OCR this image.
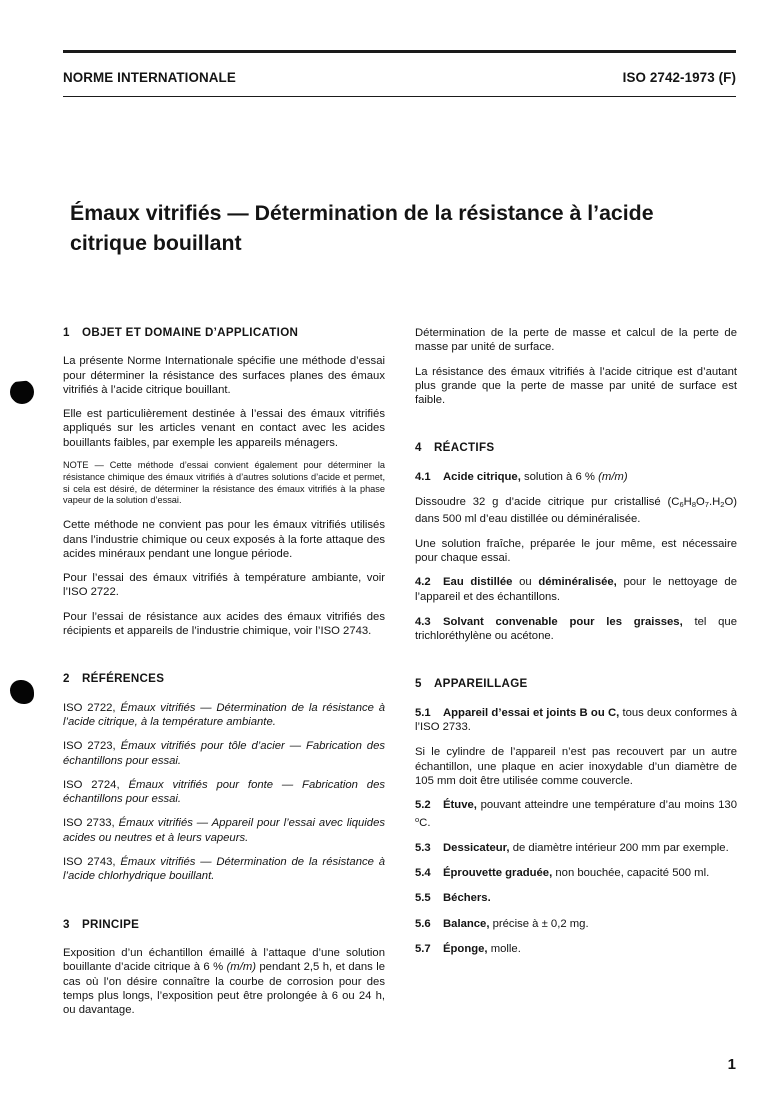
NORME INTERNATIONALE	ISO 2742-1973 (F)
Émaux vitrifiés — Détermination de la résistance à l’acide
citrique bouillant
1 OBJET ET DOMAINE D’APPLICATION

La présente Norme Internationale spécifie une méthode d’essai pour déterminer la résistance des surfaces planes des émaux vitrifiés à l’acide citrique bouillant.

Elle est particulièrement destinée à l’essai des émaux vitrifiés appliqués sur les articles venant en contact avec les acides bouillants faibles, par exemple les appareils ménagers.

NOTE — Cette méthode d’essai convient également pour déterminer la résistance chimique des émaux vitrifiés à d’autres solutions d’acide et permet, si cela est désiré, de déterminer la résistance des émaux vitrifiés à la phase vapeur de la solution d’essai.

Cette méthode ne convient pas pour les émaux vitrifiés utilisés dans l’industrie chimique ou ceux exposés à la forte attaque des acides minéraux pendant une longue période.

Pour l’essai des émaux vitrifiés à température ambiante, voir l’ISO 2722.

Pour l’essai de résistance aux acides des émaux vitrifiés des récipients et appareils de l’industrie chimique, voir l’ISO 2743.

2 RÉFÉRENCES

ISO 2722, Émaux vitrifiés — Détermination de la résistance à l’acide citrique, à la température ambiante.

ISO 2723, Émaux vitrifiés pour tôle d’acier — Fabrication des échantillons pour essai.

ISO 2724, Émaux vitrifiés pour fonte — Fabrication des échantillons pour essai.

ISO 2733, Émaux vitrifiés — Appareil pour l’essai avec liquides acides ou neutres et à leurs vapeurs.

ISO 2743, Émaux vitrifiés — Détermination de la résistance à l’acide chlorhydrique bouillant.

3 PRINCIPE

Exposition d’un échantillon émaillé à l’attaque d’une solution bouillante d’acide citrique à 6 % (m/m) pendant 2,5 h, et dans le cas où l’on désire connaître la courbe de corrosion pour des temps plus longs, l’exposition peut être prolongée à 6 ou 24 h, ou davantage.

Détermination de la perte de masse et calcul de la perte de masse par unité de surface.

La résistance des émaux vitrifiés à l’acide citrique est d’autant plus grande que la perte de masse par unité de surface est faible.

4 RÉACTIFS
4.1 Acide citrique, solution à 6 % (m/m)

Dissoudre 32 g d’acide citrique pur cristallisé $(C_6H_8O_7.H_2O)$ dans 500 ml d’eau distillée ou déminéralisée.

Une solution fraîche, préparée le jour même, est nécessaire pour chaque essai.

4.2 Eau distillée ou déminéralisée, pour le nettoyage de l’appareil et des échantillons.
4.3 Solvant convenable pour les graisses, tel que trichloréthylène ou acétone.
5 APPAREILLAGE
5.1 Appareil d’essai et joints B ou C, tous deux conformes à l’ISO 2733.

Si le cylindre de l’appareil n’est pas recouvert par un autre échantillon, une plaque en acier inoxydable d’un diamètre de 105 mm doit être utilisée comme couvercle.

5.2 Étuve, pouvant atteindre une température d’au moins 130 $^o$C.
5.3 Dessicateur, de diamètre intérieur 200 mm par exemple.
5.4 Éprouvette graduée, non bouchée, capacité 500 ml.
5.5 Béchers.
5.6 Balance, précise à ± 0,2 mg.
5.7 Éponge, molle.
1
